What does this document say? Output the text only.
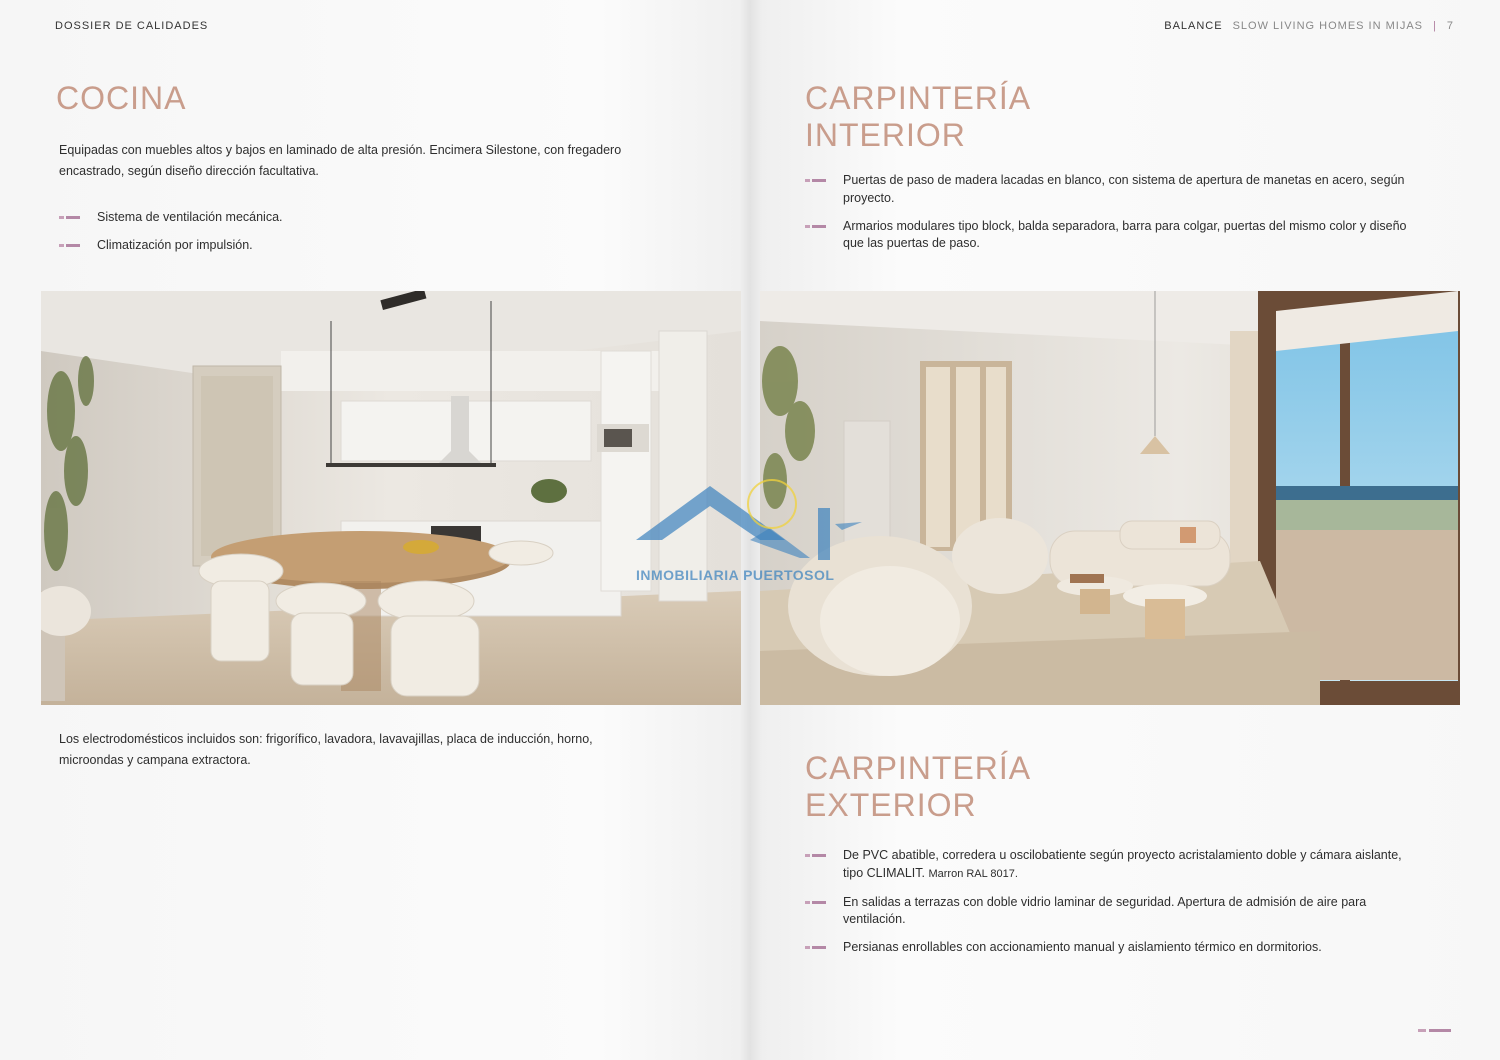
DOSSIER DE CALIDADES	BALANCE SLOW LIVING HOMES IN MIJAS | 7
COCINA

Equipadas con muebles altos y bajos en laminado de alta presión. Encimera Silestone, con fregadero encastrado, según diseño dirección facultativa.

Sistema de ventilación mecánica.
Climatización por impulsión.

Los electrodomésticos incluidos son: frigorífico, lavadora, lavavajillas, placa de inducción, horno, microondas y campana extractora.

CARPINTERÍA
INTERIOR
Puertas de paso de madera lacadas en blanco, con sistema de apertura de manetas en acero, según proyecto.
Armarios modulares tipo block, balda separadora, barra para colgar, puertas del mismo color y diseño que las puertas de paso.
INMOBILIARIA PUERTOSOL
CARPINTERÍA
EXTERIOR
De PVC abatible, corredera u oscilobatiente según proyecto acristalamiento doble y cámara aislante, tipo CLIMALIT. Marron RAL 8017.
En salidas a terrazas con doble vidrio laminar de seguridad. Apertura de admisión de aire para ventilación.
Persianas enrollables con accionamiento manual y aislamiento térmico en dormitorios.
